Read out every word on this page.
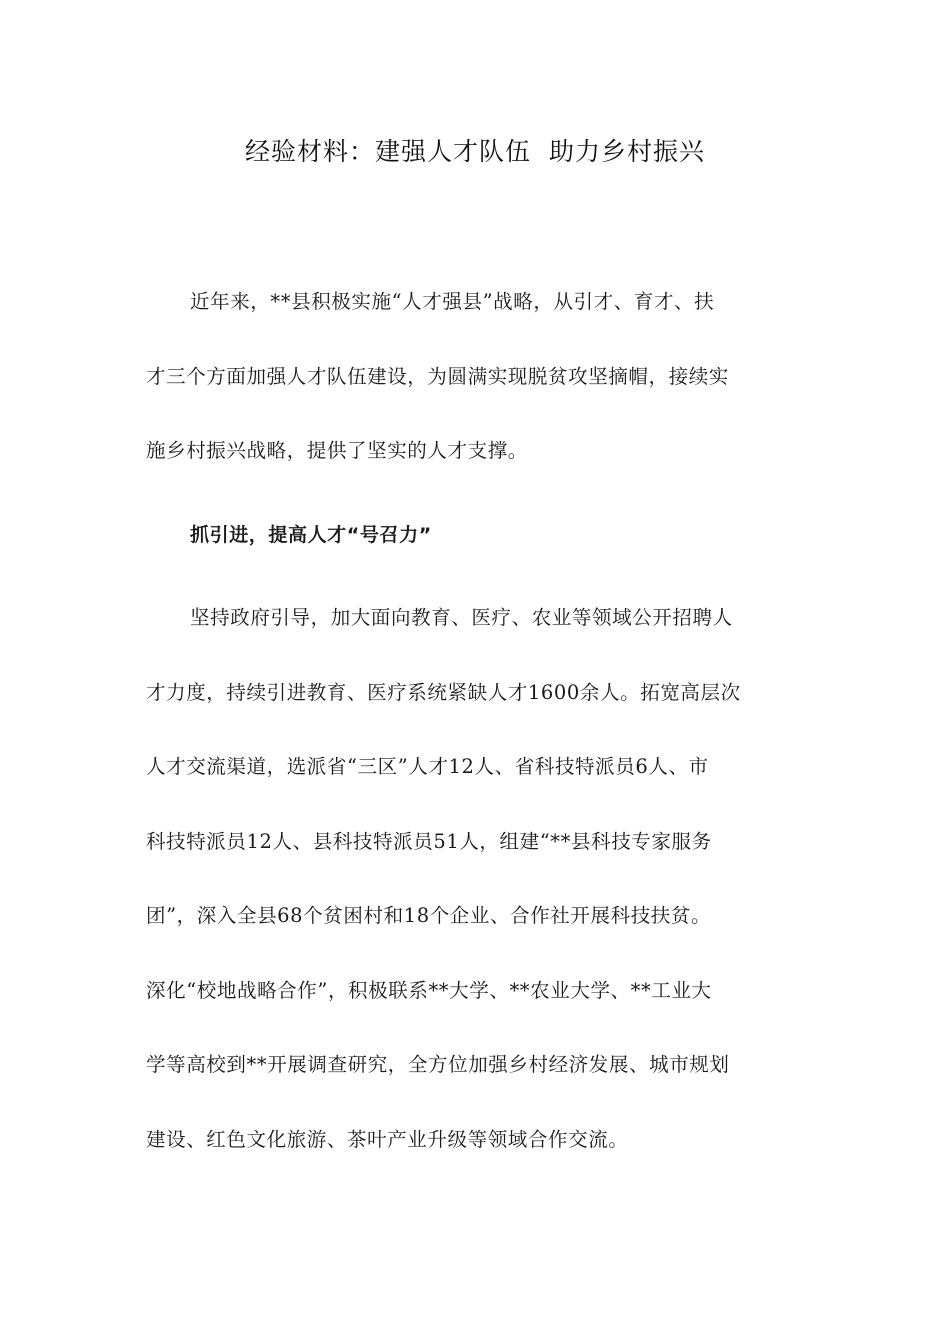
经验材料：建强人才队伍  助力乡村振兴
近年来，**县积极实施“人才强县”战略，从引才、育才、扶
才三个方面加强人才队伍建设，为圆满实现脱贫攻坚摘帽，接续实
施乡村振兴战略，提供了坚实的人才支撑。
抓引进，提高人才“号召力”
坚持政府引导，加大面向教育、医疗、农业等领域公开招聘人
才力度，持续引进教育、医疗系统紧缺人才1600余人。拓宽高层次
人才交流渠道，选派省“三区”人才12人、省科技特派员6人、市
科技特派员12人、县科技特派员51人，组建“**县科技专家服务
团”，深入全县68个贫困村和18个企业、合作社开展科技扶贫。
深化“校地战略合作”，积极联系**大学、**农业大学、**工业大
学等高校到**开展调查研究，全方位加强乡村经济发展、城市规划
建设、红色文化旅游、茶叶产业升级等领域合作交流。
